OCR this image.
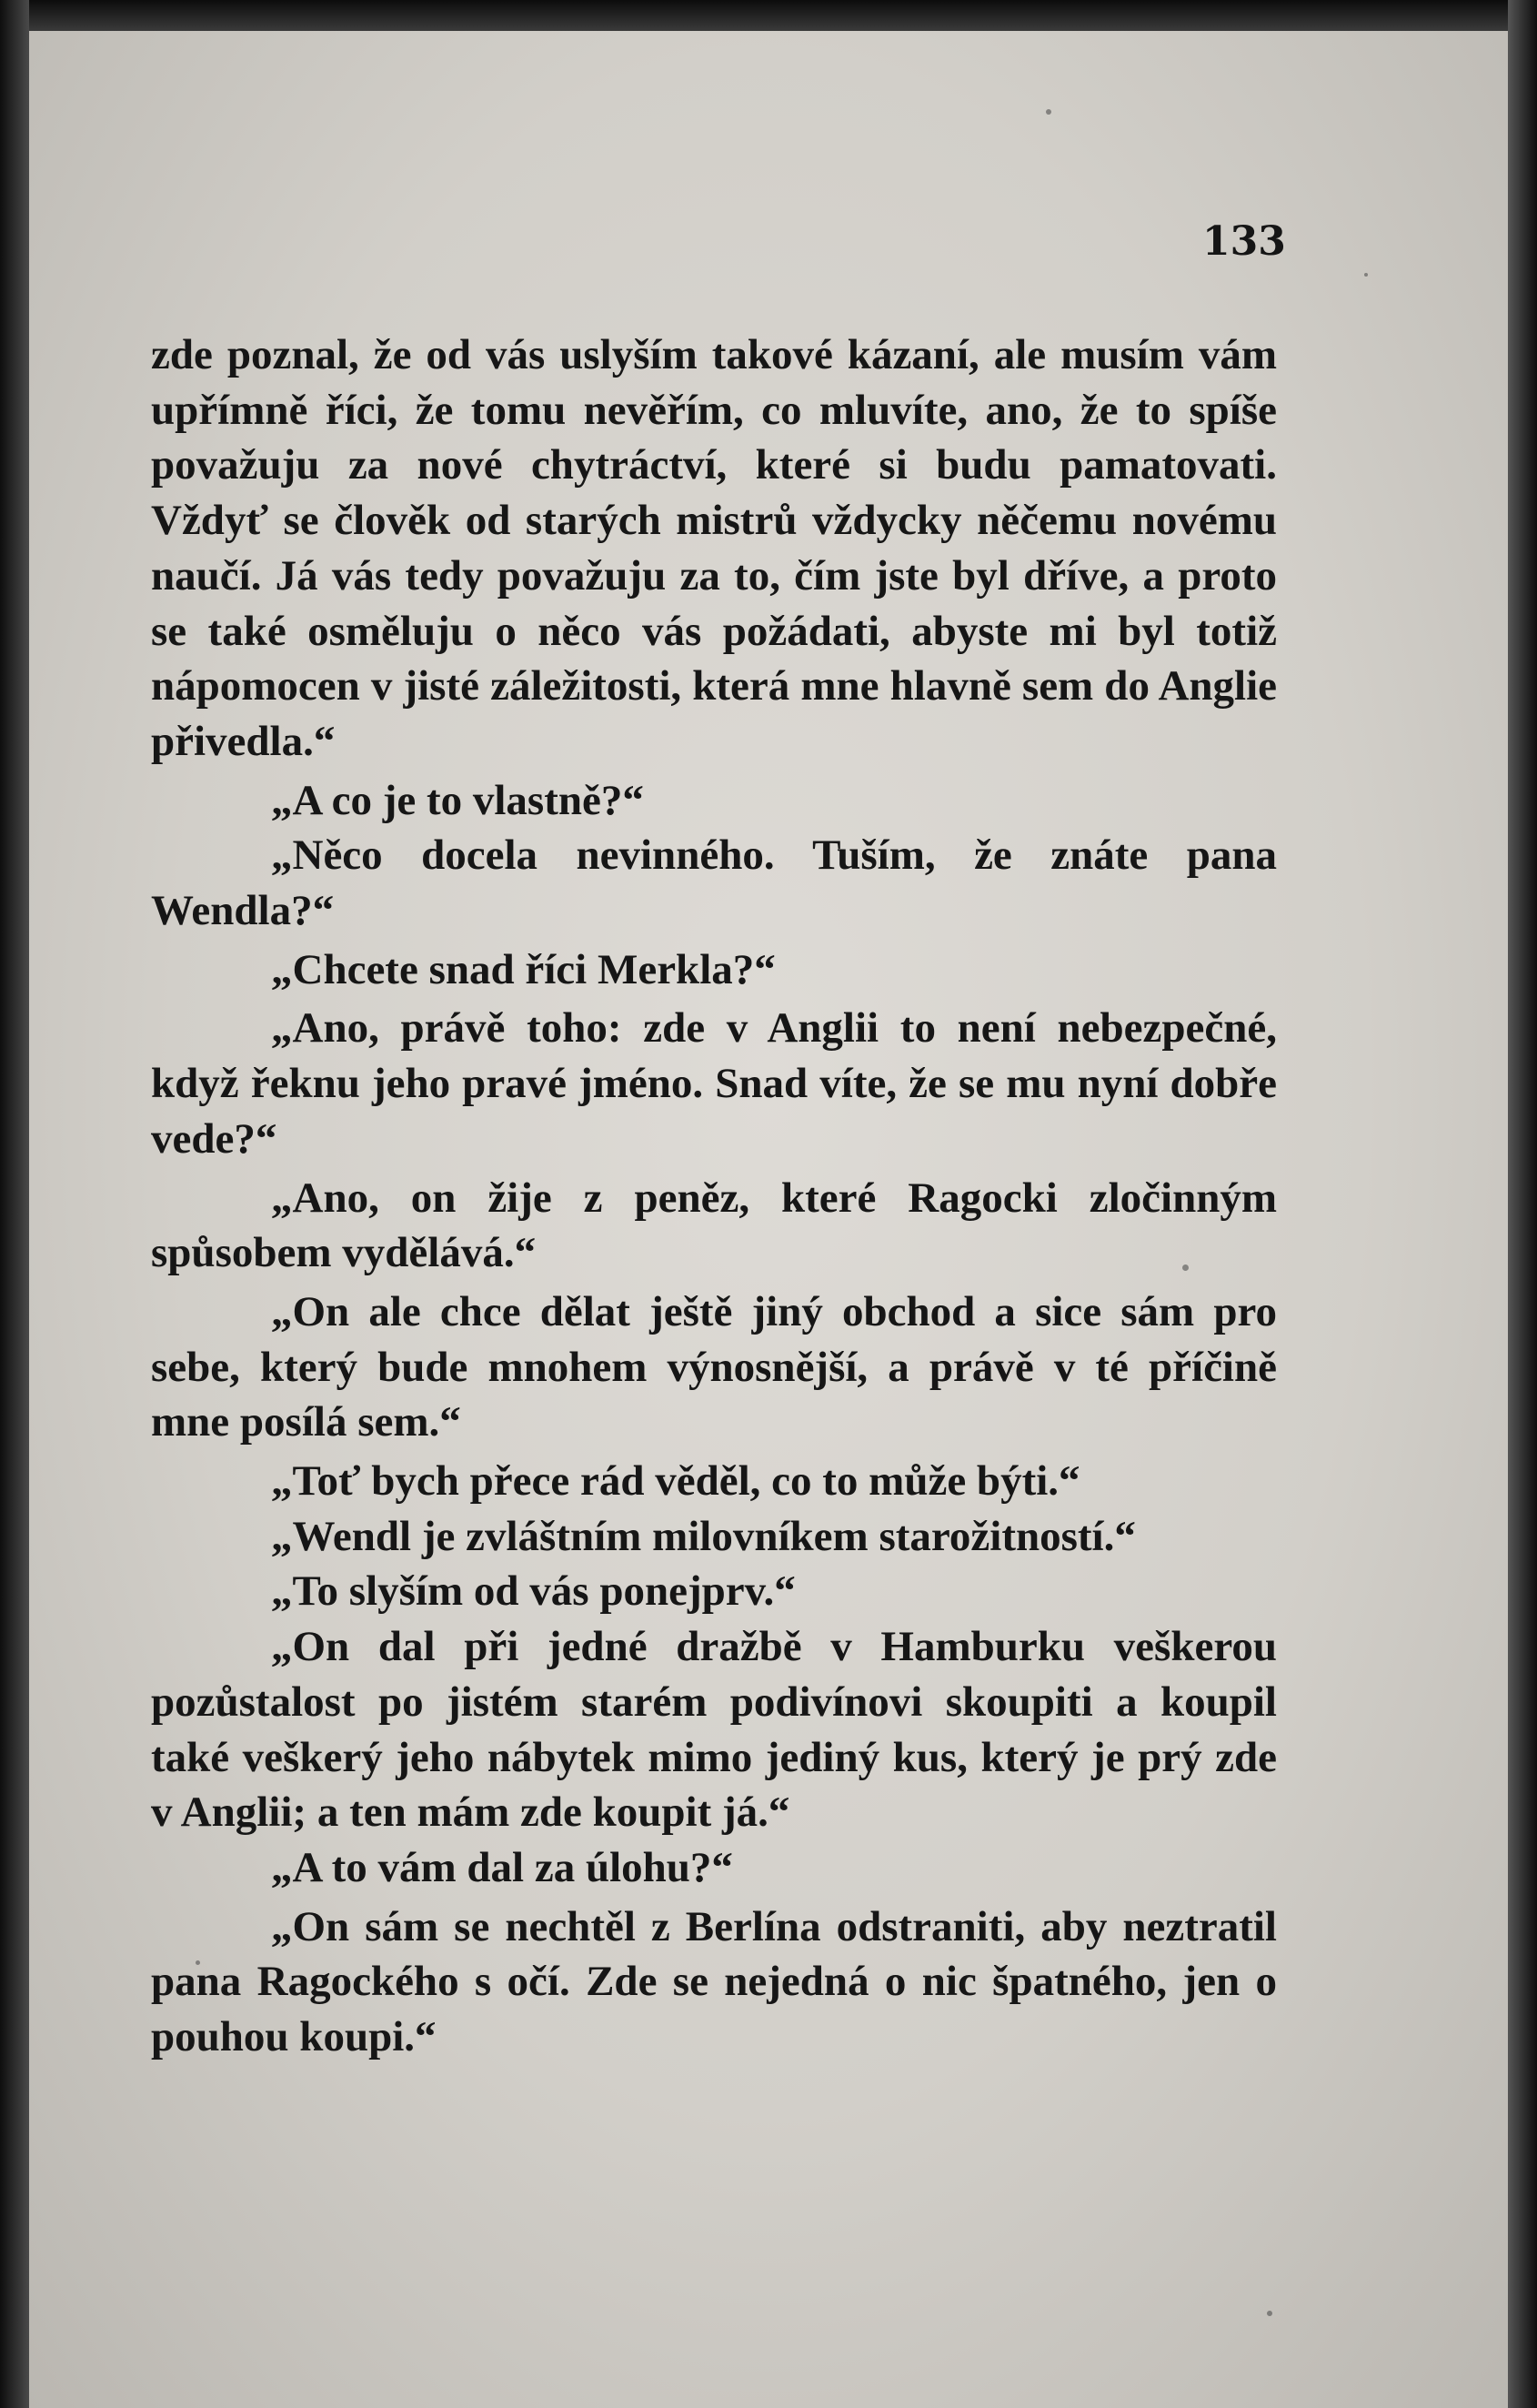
133

zde poznal, že od vás uslyším takové kázaní, ale musím vám upřímně říci, že tomu nevěřím, co mluvíte, ano, že to spíše považuju za nové chytráctví, které si budu pamatovati. Vždyť se člověk od starých mistrů vždycky něčemu novému naučí. Já vás tedy považuju za to, čím jste byl dříve, a proto se také osměluju o něco vás požádati, abyste mi byl totiž nápomocen v jisté záležitosti, která mne hlavně sem do Anglie přivedla.“

„A co je to vlastně?“

„Něco docela nevinného. Tuším, že znáte pana Wendla?“

„Chcete snad říci Merkla?“

„Ano, právě toho: zde v Anglii to není nebezpečné, když řeknu jeho pravé jméno. Snad víte, že se mu nyní dobře vede?“

„Ano, on žije z peněz, které Ragocki zločinným spůsobem vydělává.“

„On ale chce dělat ještě jiný obchod a sice sám pro sebe, který bude mnohem výnosnější, a právě v té příčině mne posílá sem.“

„Toť bych přece rád věděl, co to může býti.“

„Wendl je zvláštním milovníkem starožitností.“

„To slyším od vás ponejprv.“

„On dal při jedné dražbě v Hamburku veškerou pozůstalost po jistém starém podivínovi skoupiti a koupil také veškerý jeho nábytek mimo jediný kus, který je prý zde v Anglii; a ten mám zde koupit já.“

„A to vám dal za úlohu?“

„On sám se nechtěl z Berlína odstraniti, aby neztratil pana Ragockého s očí. Zde se nejedná o nic špatného, jen o pouhou koupi.“
